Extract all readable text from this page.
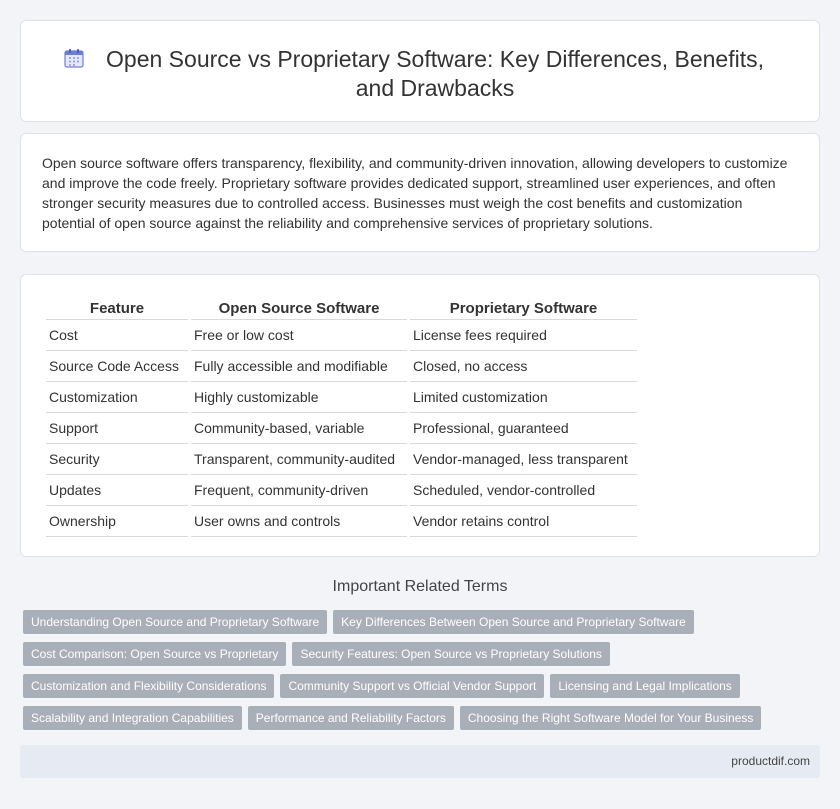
Open Source vs Proprietary Software: Key Differences, Benefits, and Drawbacks

Open source software offers transparency, flexibility, and community-driven innovation, allowing developers to customize and improve the code freely. Proprietary software provides dedicated support, streamlined user experiences, and often stronger security measures due to controlled access. Businesses must weigh the cost benefits and customization potential of open source against the reliability and comprehensive services of proprietary solutions.

Feature	Open Source Software	Proprietary Software
Cost	Free or low cost	License fees required
Source Code Access	Fully accessible and modifiable	Closed, no access
Customization	Highly customizable	Limited customization
Support	Community-based, variable	Professional, guaranteed
Security	Transparent, community-audited	Vendor-managed, less transparent
Updates	Frequent, community-driven	Scheduled, vendor-controlled
Ownership	User owns and controls	Vendor retains control
Important Related Terms
Understanding Open Source and Proprietary Software	Key Differences Between Open Source and Proprietary Software
Cost Comparison: Open Source vs Proprietary	Security Features: Open Source vs Proprietary Solutions
Customization and Flexibility Considerations	Community Support vs Official Vendor Support	Licensing and Legal Implications
Scalability and Integration Capabilities	Performance and Reliability Factors	Choosing the Right Software Model for Your Business
productdif.com
